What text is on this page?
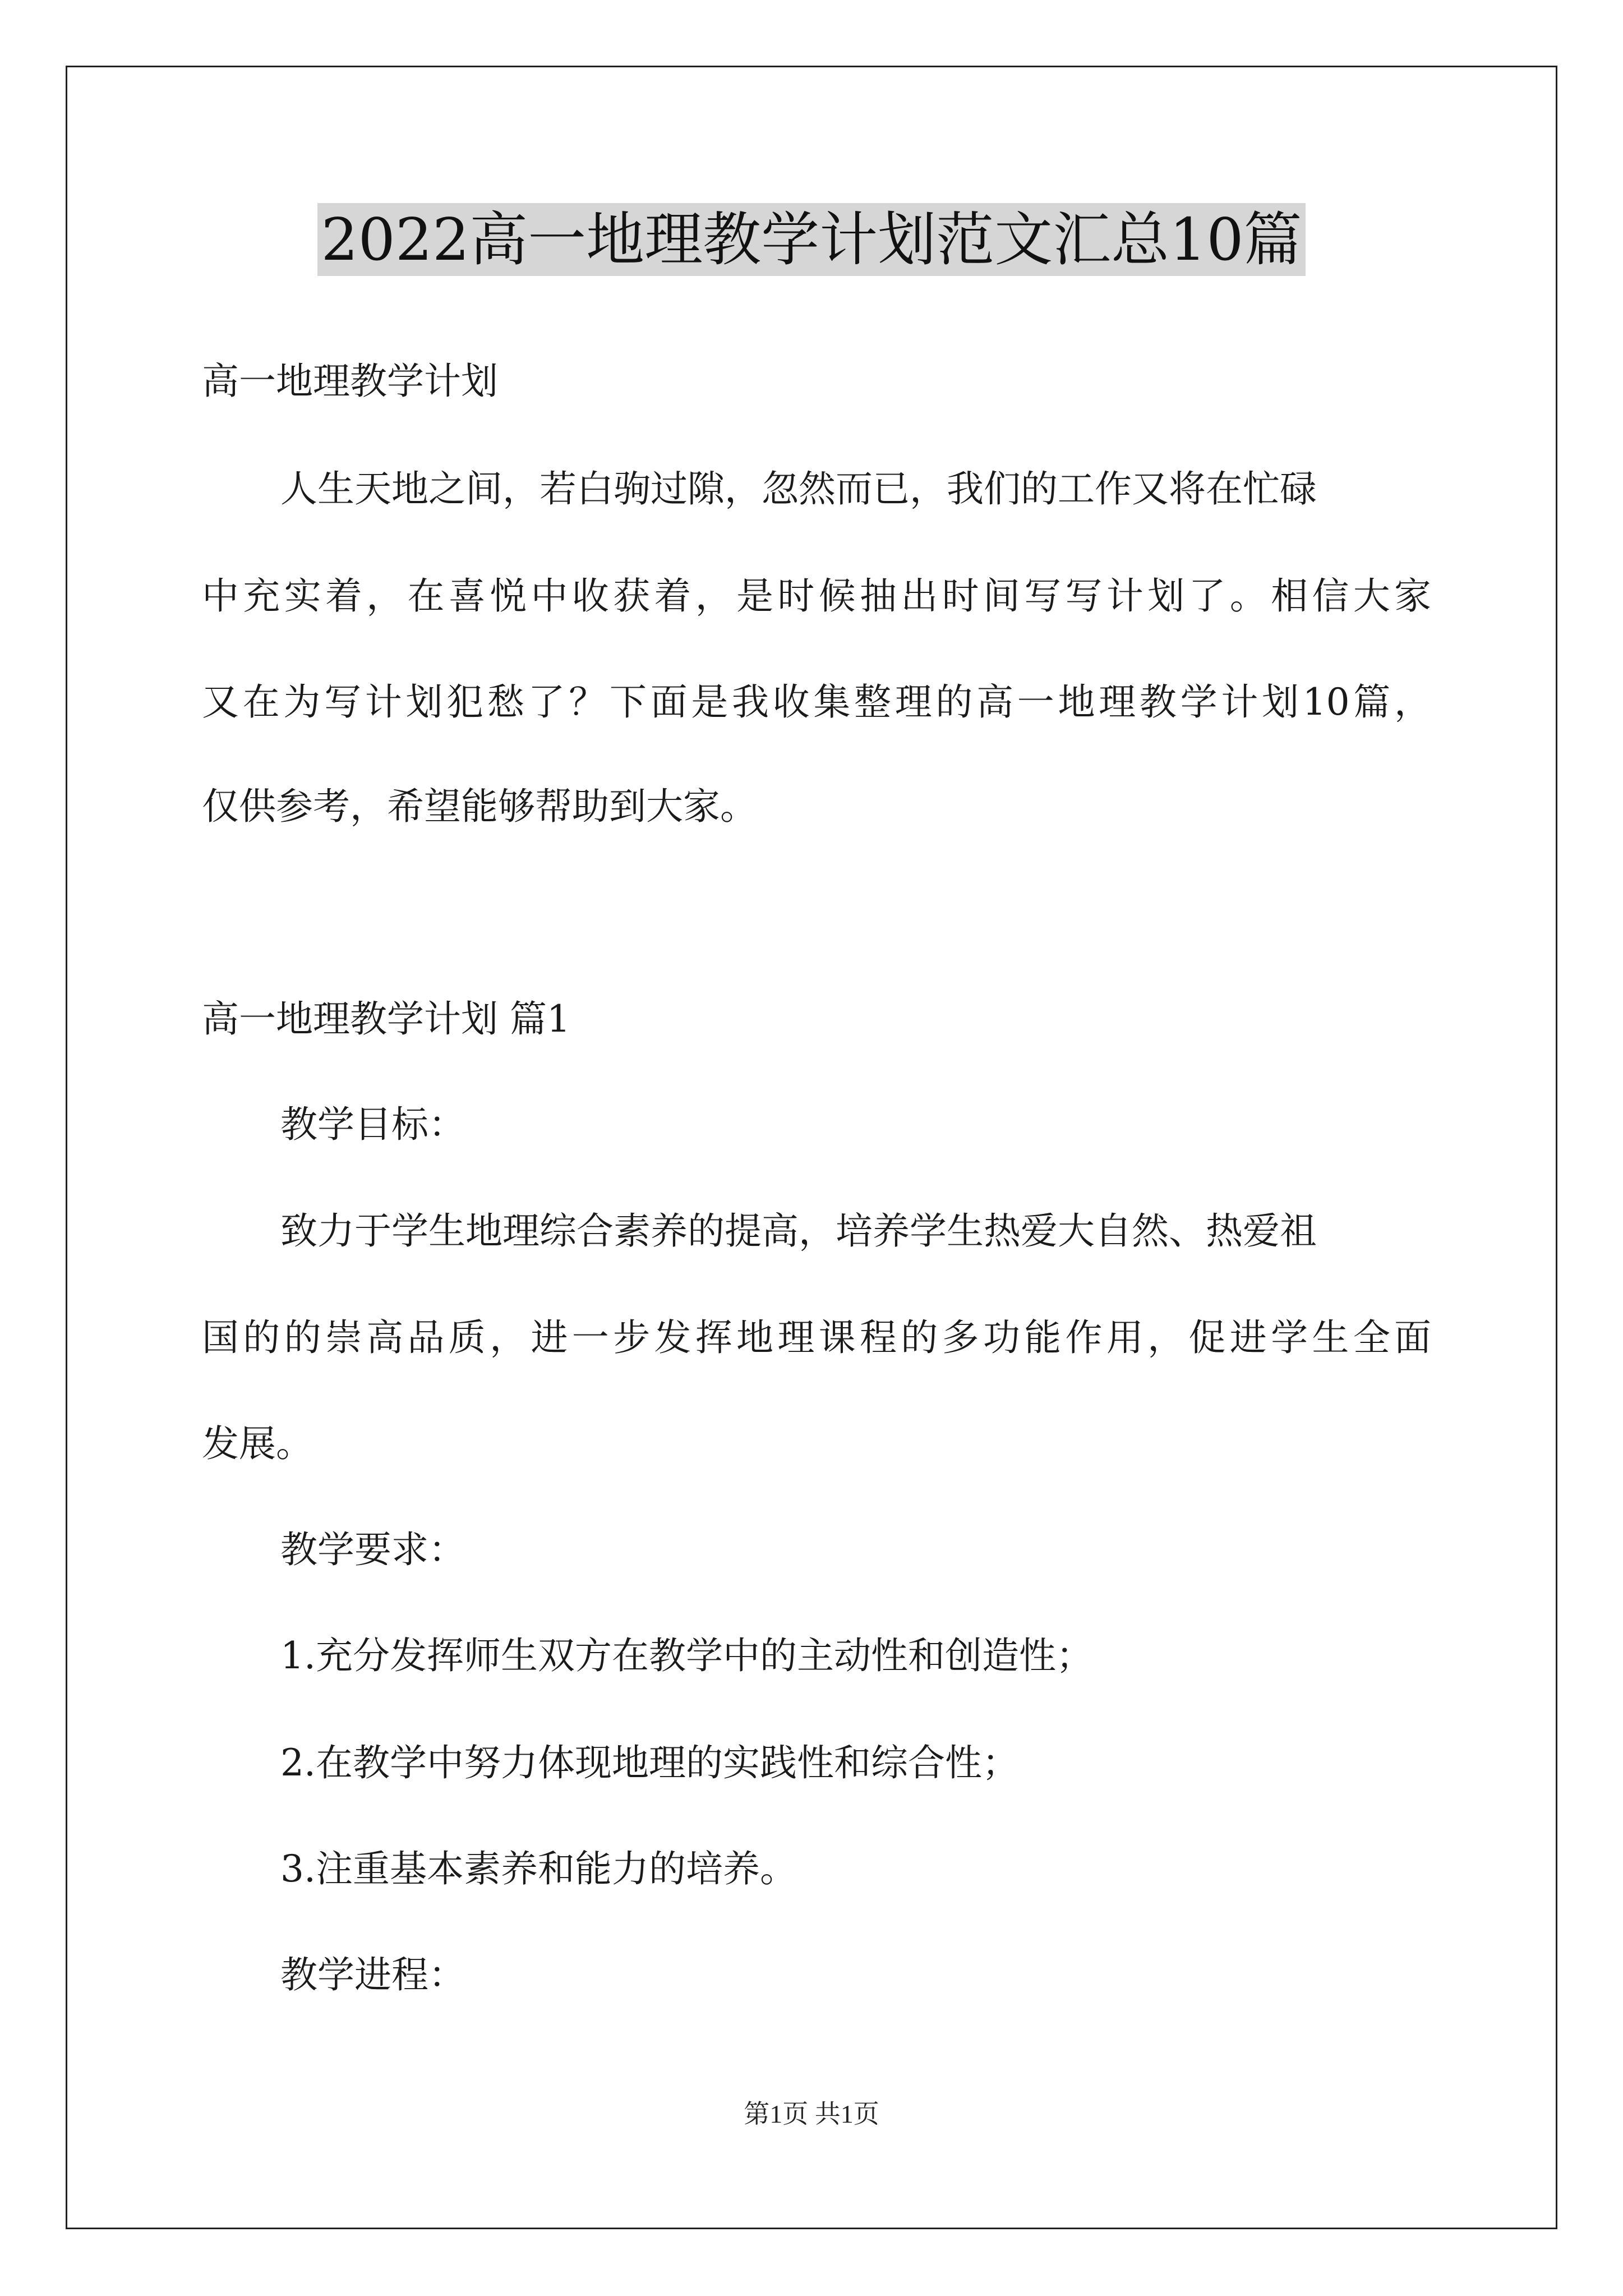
2022高一地理教学计划范文汇总10篇
高一地理教学计划
人生天地之间，若白驹过隙，忽然而已，我们的工作又将在忙碌
中充实着，在喜悦中收获着，是时候抽出时间写写计划了。相信大家
又在为写计划犯愁了？下面是我收集整理的高一地理教学计划10篇，
仅供参考，希望能够帮助到大家。
高一地理教学计划 篇1
教学目标：
致力于学生地理综合素养的提高，培养学生热爱大自然、热爱祖
国的的崇高品质，进一步发挥地理课程的多功能作用，促进学生全面
发展。
教学要求：
1.充分发挥师生双方在教学中的主动性和创造性；
2.在教学中努力体现地理的实践性和综合性；
3.注重基本素养和能力的培养。
教学进程：
第1页 共1页
